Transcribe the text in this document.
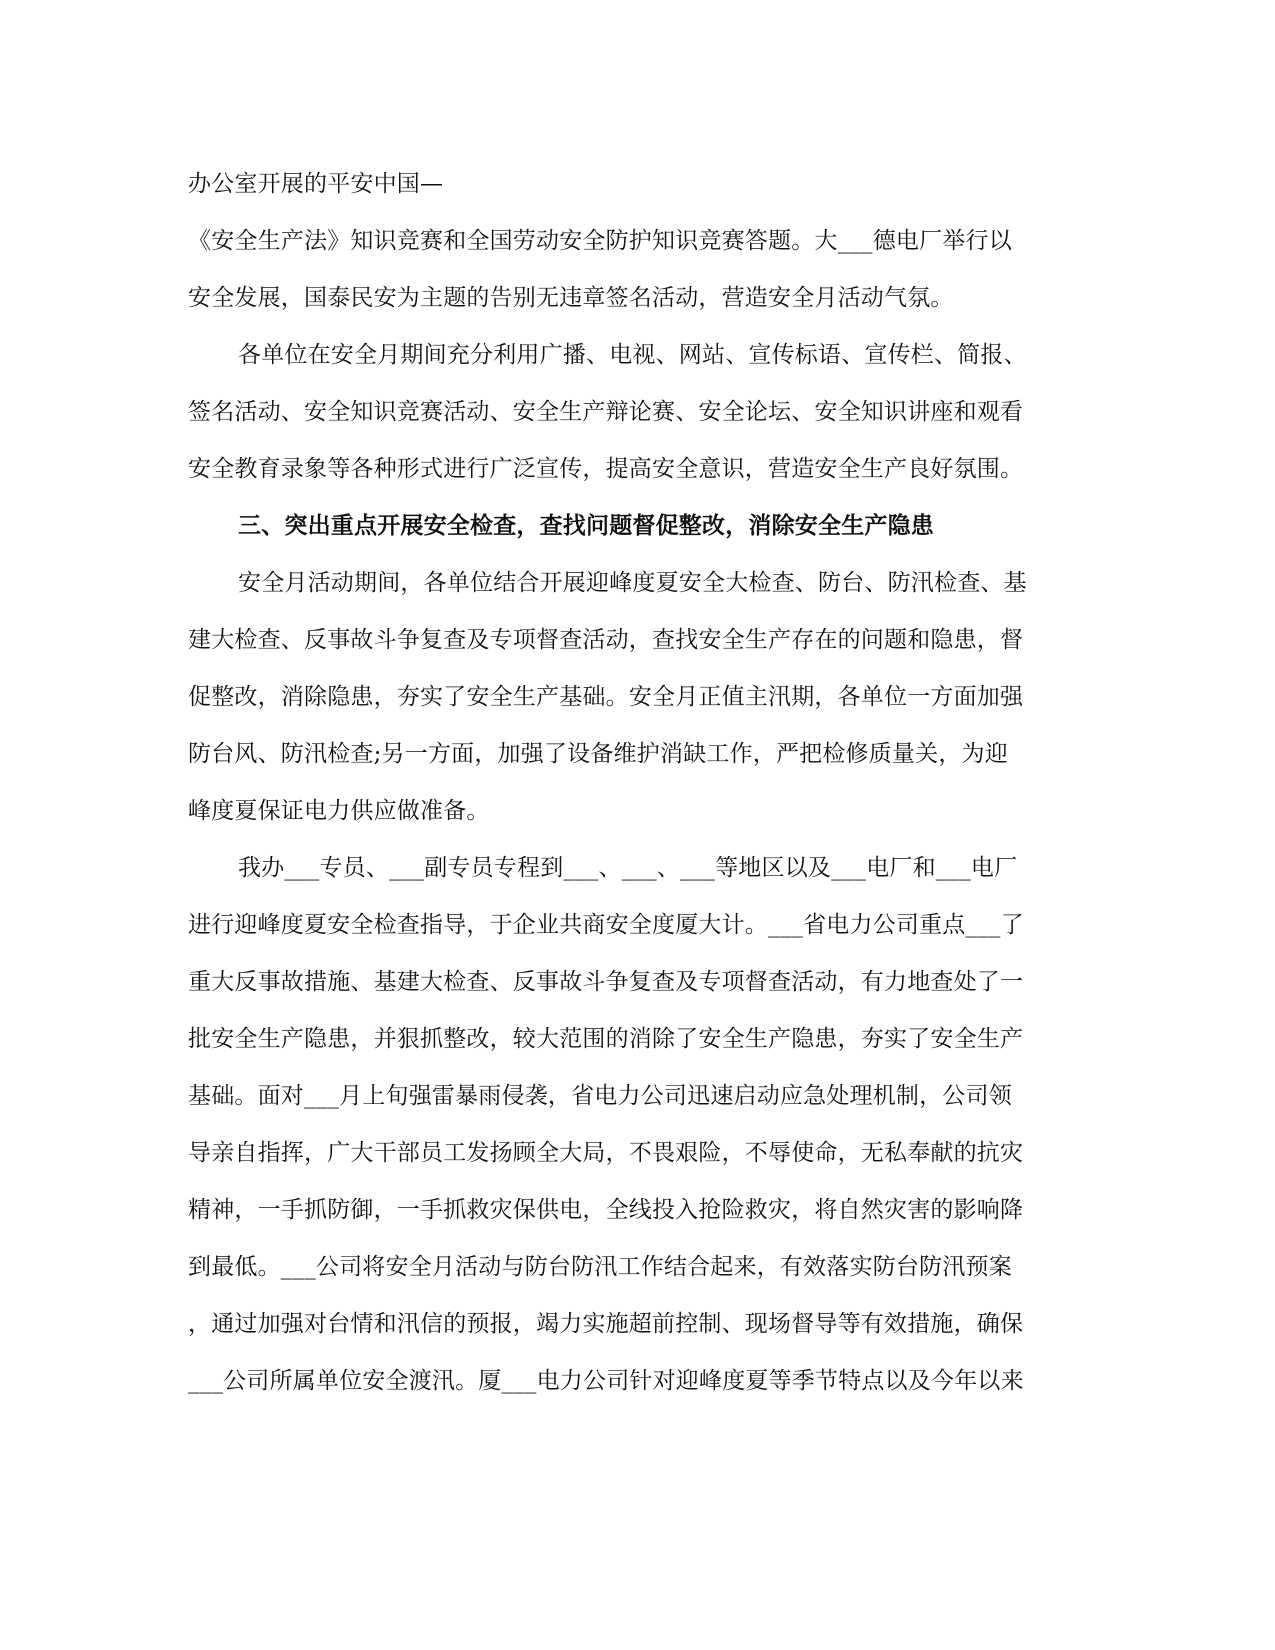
办公室开展的平安中国—
《安全生产法》知识竞赛和全国劳动安全防护知识竞赛答题。大___德电厂举行以
安全发展，国泰民安为主题的告别无违章签名活动，营造安全月活动气氛。
各单位在安全月期间充分利用广播、电视、网站、宣传标语、宣传栏、简报、
签名活动、安全知识竞赛活动、安全生产辩论赛、安全论坛、安全知识讲座和观看
安全教育录象等各种形式进行广泛宣传，提高安全意识，营造安全生产良好氛围。
三、突出重点开展安全检查，查找问题督促整改，消除安全生产隐患
安全月活动期间，各单位结合开展迎峰度夏安全大检查、防台、防汛检查、基
建大检查、反事故斗争复查及专项督查活动，查找安全生产存在的问题和隐患，督
促整改，消除隐患，夯实了安全生产基础。安全月正值主汛期，各单位一方面加强
防台风、防汛检查;另一方面，加强了设备维护消缺工作，严把检修质量关，为迎
峰度夏保证电力供应做准备。
我办___专员、___副专员专程到___、___、___等地区以及___电厂和___电厂
进行迎峰度夏安全检查指导，于企业共商安全度厦大计。___省电力公司重点___了
重大反事故措施、基建大检查、反事故斗争复查及专项督查活动，有力地查处了一
批安全生产隐患，并狠抓整改，较大范围的消除了安全生产隐患，夯实了安全生产
基础。面对___月上旬强雷暴雨侵袭，省电力公司迅速启动应急处理机制，公司领
导亲自指挥，广大干部员工发扬顾全大局，不畏艰险，不辱使命，无私奉献的抗灾
精神，一手抓防御，一手抓救灾保供电，全线投入抢险救灾，将自然灾害的影响降
到最低。___公司将安全月活动与防台防汛工作结合起来，有效落实防台防汛预案
，通过加强对台情和汛信的预报，竭力实施超前控制、现场督导等有效措施，确保
___公司所属单位安全渡汛。厦___电力公司针对迎峰度夏等季节特点以及今年以来
